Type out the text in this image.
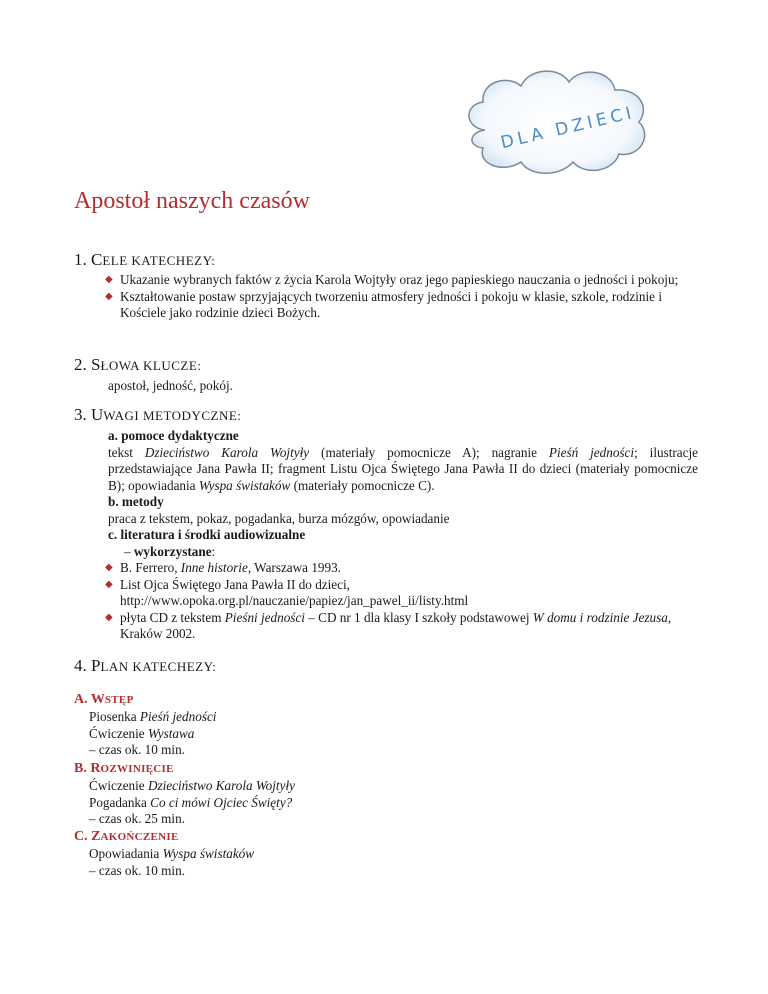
DLA DZIECI
Apostoł naszych czasów
1. CELE KATECHEZY:
◆ Ukazanie wybranych faktów z życia Karola Wojtyły oraz jego papieskiego nauczania o jedności i pokoju;
◆ Kształtowanie postaw sprzyjających tworzeniu atmosfery jedności i pokoju w klasie, szkole, rodzinie i Kościele jako rodzinie dzieci Bożych.
2. SŁOWA KLUCZE:
apostoł, jedność, pokój.
3. UWAGI METODYCZNE:
a. pomoce dydaktyczne
tekst Dzieciństwo Karola Wojtyły (materiały pomocnicze A); nagranie Pieśń jedności; ilustracje przedstawiające Jana Pawła II; fragment Listu Ojca Świętego Jana Pawła II do dzieci (materiały pomocnicze B); opowiadania Wyspa świstaków (materiały pomocnicze C).
b. metody
praca z tekstem, pokaz, pogadanka, burza mózgów, opowiadanie
c. literatura i środki audiowizualne
– wykorzystane:
◆ B. Ferrero, Inne historie, Warszawa 1993.
◆ List Ojca Świętego Jana Pawła II do dzieci,
http://www.opoka.org.pl/nauczanie/papiez/jan_pawel_ii/listy.html
◆ płyta CD z tekstem Pieśni jedności – CD nr 1 dla klasy I szkoły podstawowej W domu i rodzinie Jezusa, Kraków 2002.
4. PLAN KATECHEZY:
A. WSTĘP
Piosenka Pieśń jedności
Ćwiczenie Wystawa
– czas ok. 10 min.
B. ROZWINIĘCIE
Ćwiczenie Dzieciństwo Karola Wojtyły
Pogadanka Co ci mówi Ojciec Święty?
– czas ok. 25 min.
C. ZAKOŃCZENIE
Opowiadania Wyspa świstaków
– czas ok. 10 min.
